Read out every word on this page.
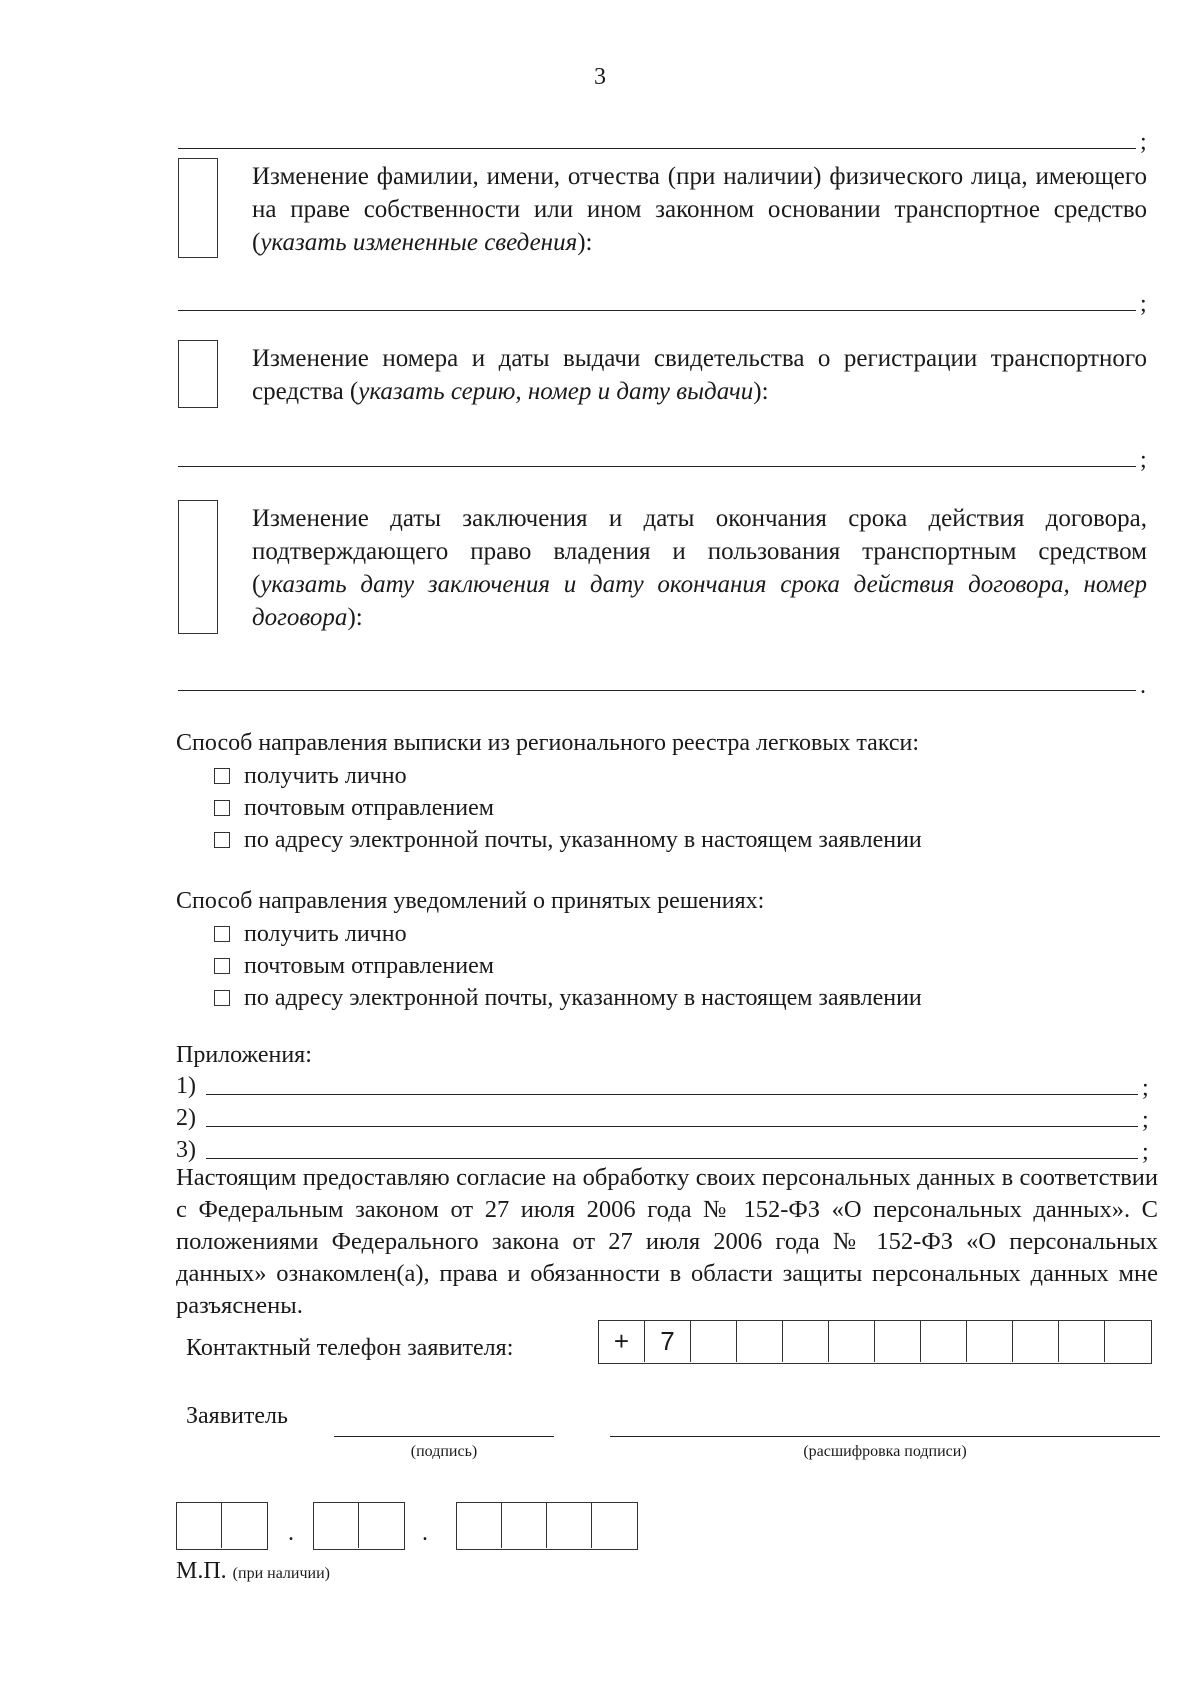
3
;
Изменение фамилии, имени, отчества (при наличии) физического лица, имеющего на праве собственности или ином законном основании транспортное средство (указать измененные сведения):
;
Изменение номера и даты выдачи свидетельства о регистрации транспортного средства (указать серию, номер и дату выдачи):
;
Изменение даты заключения и даты окончания срока действия договора, подтверждающего право владения и пользования транспортным средством (указать дату заключения и дату окончания срока действия договора, номер договора):
.
Способ направления выписки из регионального реестра легковых такси:
получить лично
почтовым отправлением
по адресу электронной почты, указанному в настоящем заявлении
Способ направления уведомлений о принятых решениях:
получить лично
почтовым отправлением
по адресу электронной почты, указанному в настоящем заявлении
Приложения:
1)	;
2)	;
3)	;
Настоящим предоставляю согласие на обработку своих персональных данных в соответствии с Федеральным законом от 27 июля 2006 года № 152-ФЗ «О персональных данных». С положениями Федерального закона от 27 июля 2006 года № 152-ФЗ «О персональных данных» ознакомлен(а), права и обязанности в области защиты персональных данных мне разъяснены.
Контактный телефон заявителя:	+	7
Заявитель
(подпись)	(расшифровка подписи)
.	.
М.П. (при наличии)
